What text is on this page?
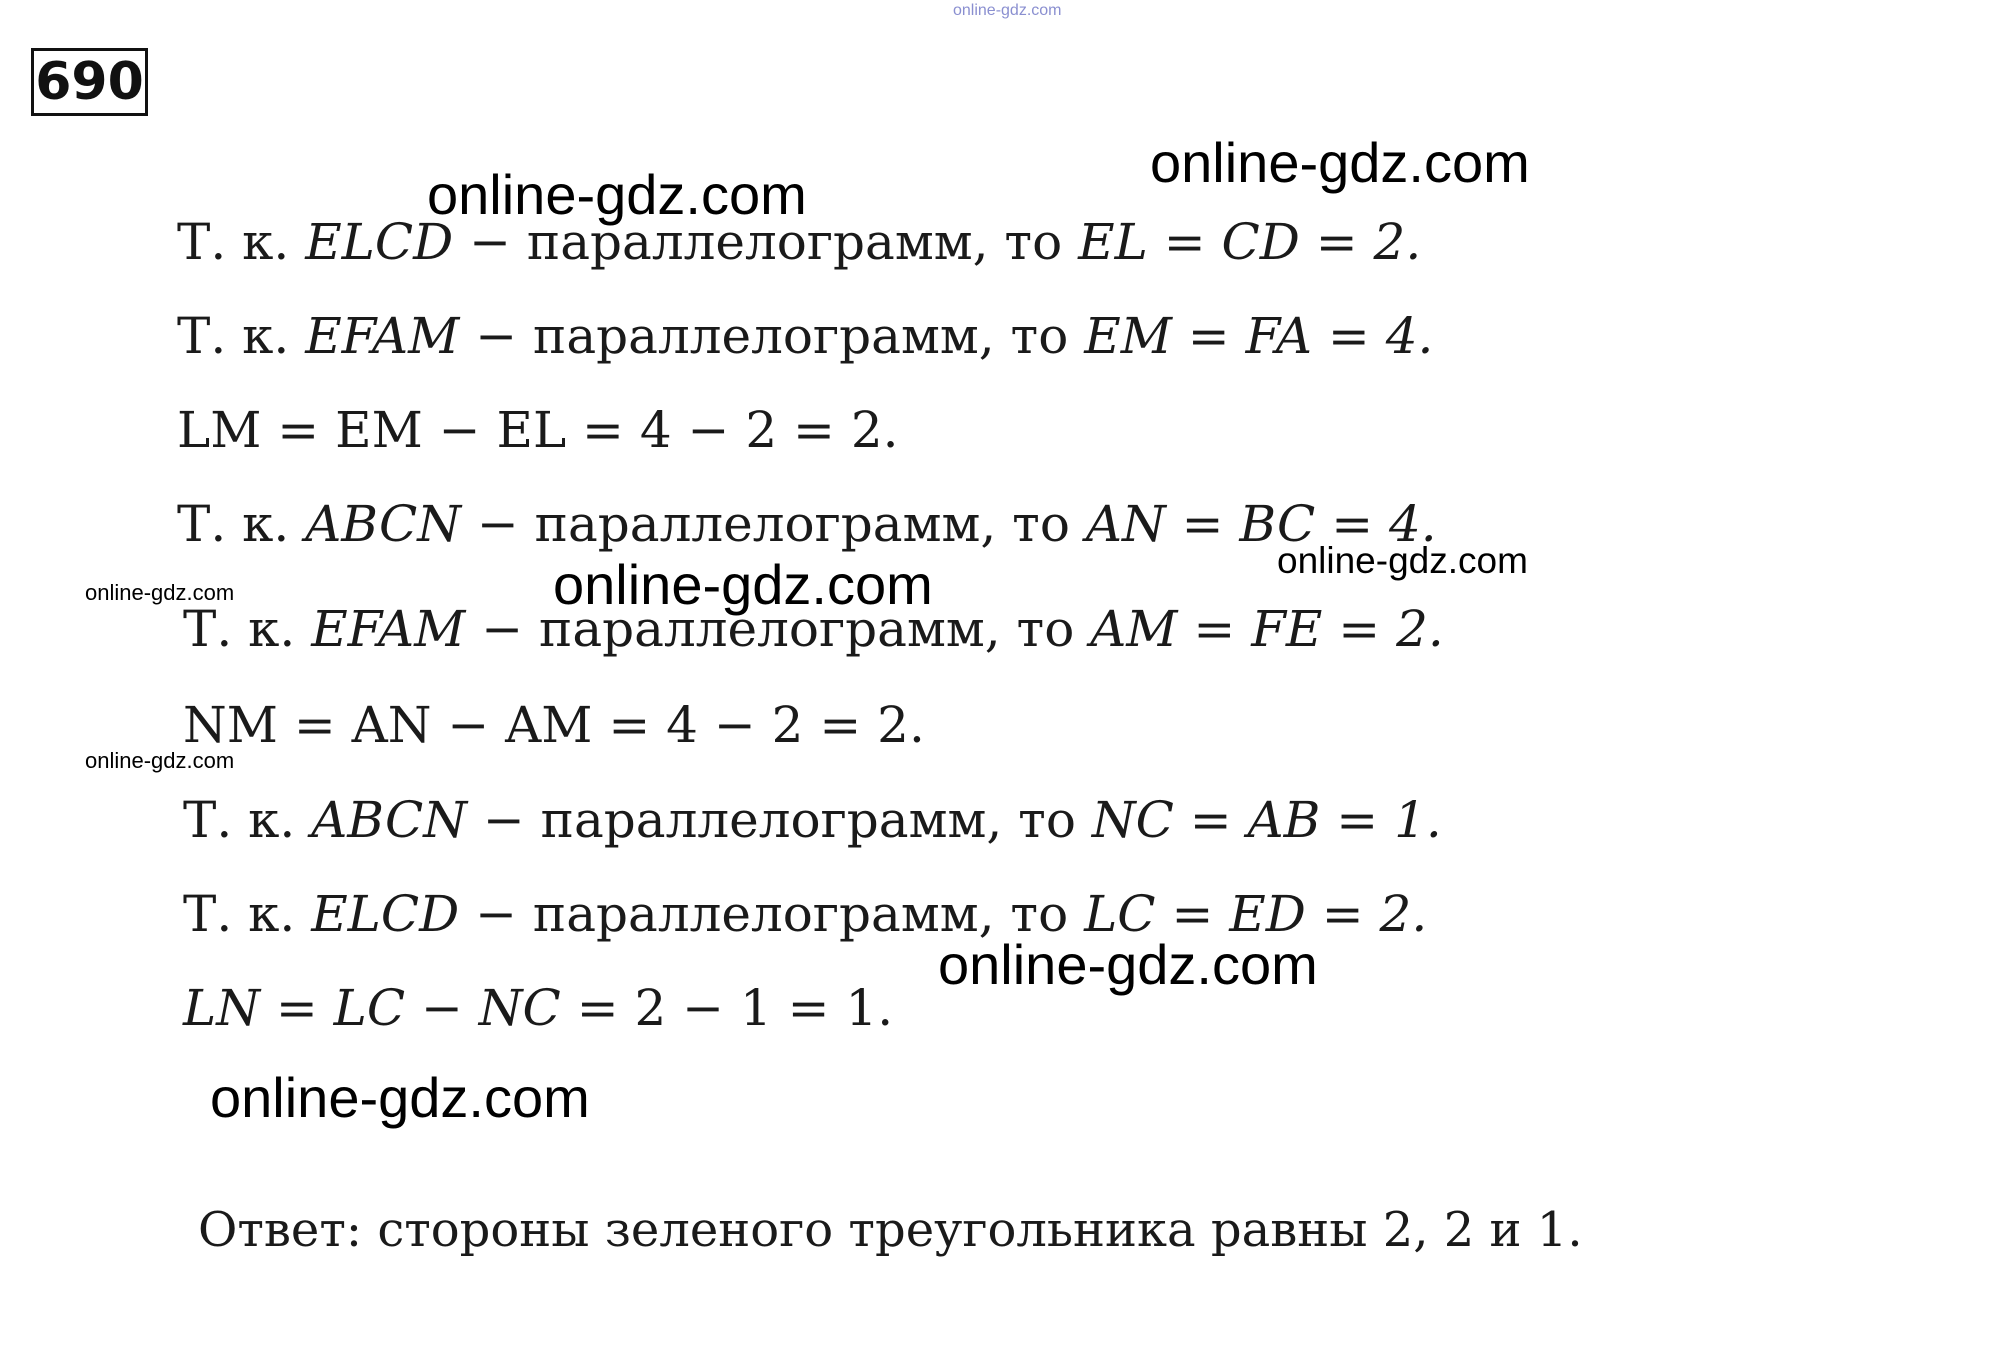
online-gdz.com
690
online-gdz.com
online-gdz.com
Т. к. ELCD − параллелограмм, то EL = CD = 2.
Т. к. EFAM − параллелограмм, то EM = FA = 4.
LM = EM − EL = 4 − 2 = 2.
Т. к. ABCN − параллелограмм, то AN = BC = 4.
online-gdz.com
online-gdz.com
online-gdz.com
Т. к. EFAM − параллелограмм, то AM = FE = 2.
NM = AN − AM = 4 − 2 = 2.
online-gdz.com
Т. к. ABCN − параллелограмм, то NC = AB = 1.
Т. к. ELCD − параллелограмм, то LC = ED = 2.
online-gdz.com
LN = LC − NC = 2 − 1 = 1.
online-gdz.com
Ответ: стороны зеленого треугольника равны 2, 2 и 1.
